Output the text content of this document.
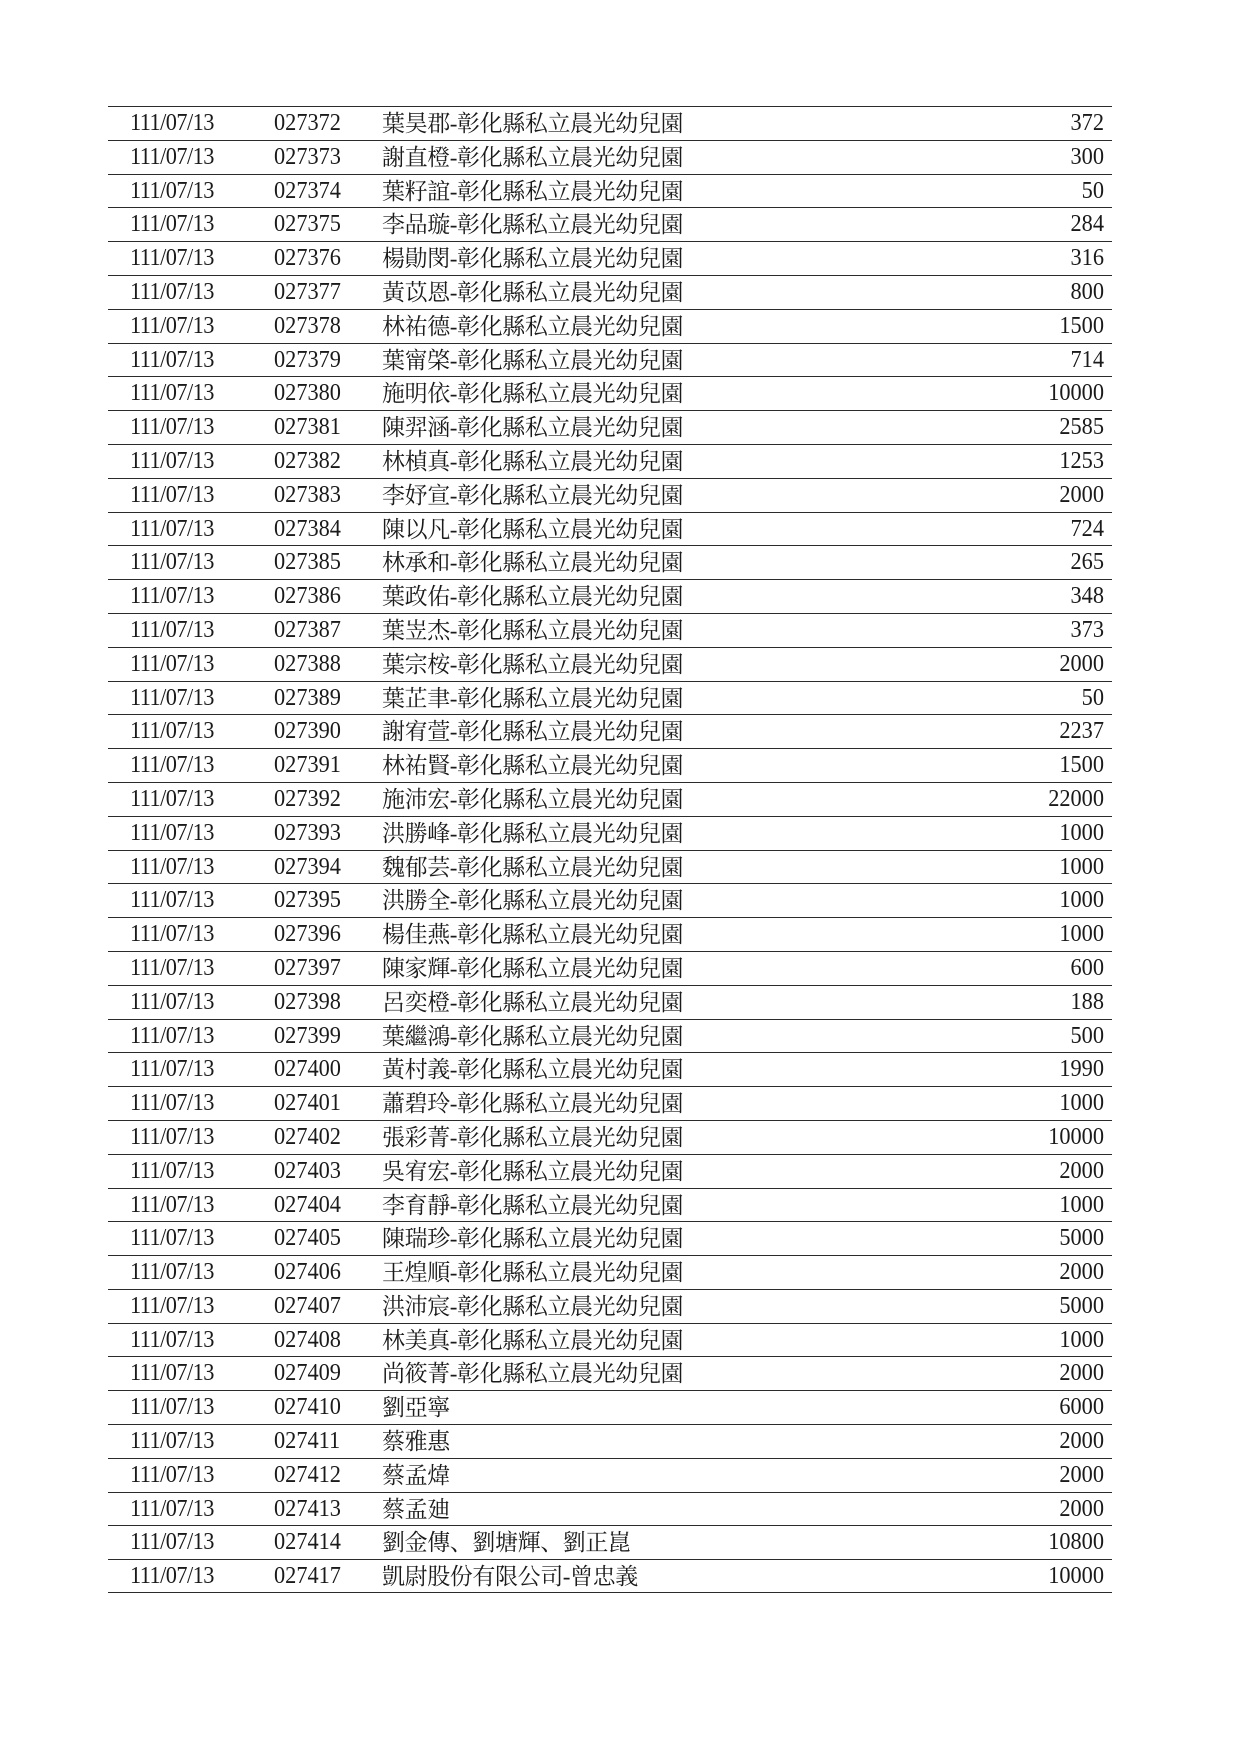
111/07/13	027372 葉昊郡-彰化縣私立晨光幼兒園	372
111/07/13	027373 謝直橙-彰化縣私立晨光幼兒園	300
111/07/13	027374 葉籽誼-彰化縣私立晨光幼兒園	50
111/07/13	027375 李品璇-彰化縣私立晨光幼兒園	284
111/07/13	027376 楊勛閔-彰化縣私立晨光幼兒園	316
111/07/13	027377 黃苡恩-彰化縣私立晨光幼兒園	800
111/07/13	027378 林祐德-彰化縣私立晨光幼兒園	1500
111/07/13	027379 葉甯棨-彰化縣私立晨光幼兒園	714
111/07/13	027380 施明依-彰化縣私立晨光幼兒園	10000
111/07/13	027381 陳羿涵-彰化縣私立晨光幼兒園	2585
111/07/13	027382 林楨真-彰化縣私立晨光幼兒園	1253
111/07/13	027383 李妤宣-彰化縣私立晨光幼兒園	2000
111/07/13	027384 陳以凡-彰化縣私立晨光幼兒園	724
111/07/13	027385 林承和-彰化縣私立晨光幼兒園	265
111/07/13	027386 葉政佑-彰化縣私立晨光幼兒園	348
111/07/13	027387 葉岦杰-彰化縣私立晨光幼兒園	373
111/07/13	027388 葉宗桉-彰化縣私立晨光幼兒園	2000
111/07/13	027389 葉芷聿-彰化縣私立晨光幼兒園	50
111/07/13	027390 謝宥萱-彰化縣私立晨光幼兒園	2237
111/07/13	027391 林祐賢-彰化縣私立晨光幼兒園	1500
111/07/13	027392 施沛宏-彰化縣私立晨光幼兒園	22000
111/07/13	027393 洪勝峰-彰化縣私立晨光幼兒園	1000
111/07/13	027394 魏郁芸-彰化縣私立晨光幼兒園	1000
111/07/13	027395 洪勝全-彰化縣私立晨光幼兒園	1000
111/07/13	027396 楊佳燕-彰化縣私立晨光幼兒園	1000
111/07/13	027397 陳家輝-彰化縣私立晨光幼兒園	600
111/07/13	027398 呂奕橙-彰化縣私立晨光幼兒園	188
111/07/13	027399 葉繼鴻-彰化縣私立晨光幼兒園	500
111/07/13	027400 黃村義-彰化縣私立晨光幼兒園	1990
111/07/13	027401 蕭碧玲-彰化縣私立晨光幼兒園	1000
111/07/13	027402 張彩菁-彰化縣私立晨光幼兒園	10000
111/07/13	027403 吳宥宏-彰化縣私立晨光幼兒園	2000
111/07/13	027404 李育靜-彰化縣私立晨光幼兒園	1000
111/07/13	027405 陳瑞珍-彰化縣私立晨光幼兒園	5000
111/07/13	027406 王煌順-彰化縣私立晨光幼兒園	2000
111/07/13	027407 洪沛宸-彰化縣私立晨光幼兒園	5000
111/07/13	027408 林美真-彰化縣私立晨光幼兒園	1000
111/07/13	027409 尚筱菁-彰化縣私立晨光幼兒園	2000
111/07/13	027410 劉亞寧	6000
111/07/13	027411 蔡雅惠	2000
111/07/13	027412 蔡孟煒	2000
111/07/13	027413 蔡孟廸	2000
111/07/13	027414 劉金傳、劉塘輝、劉正崑	10800
111/07/13	027417 凱尉股份有限公司-曾忠義	10000
